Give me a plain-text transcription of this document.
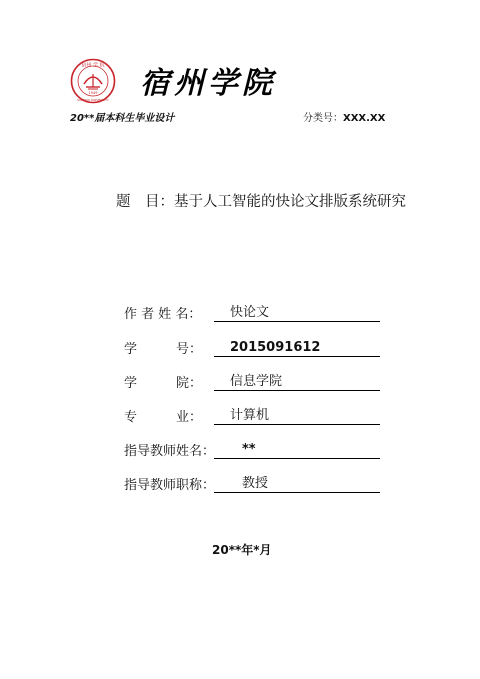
宿州 学 院
SUZHOU UNIVERSITY
1949 宿州学院
20**届本科生毕业设计	分类号：XXX.XX
题　目：基于人工智能的快论文排版系统研究
作 者 姓 名：	快论文
学　　　号：	2015091612
学　　　院：	信息学院
专　　　业：	计算机
指导教师姓名：	**
指导教师职称：	教授
20**年*月
